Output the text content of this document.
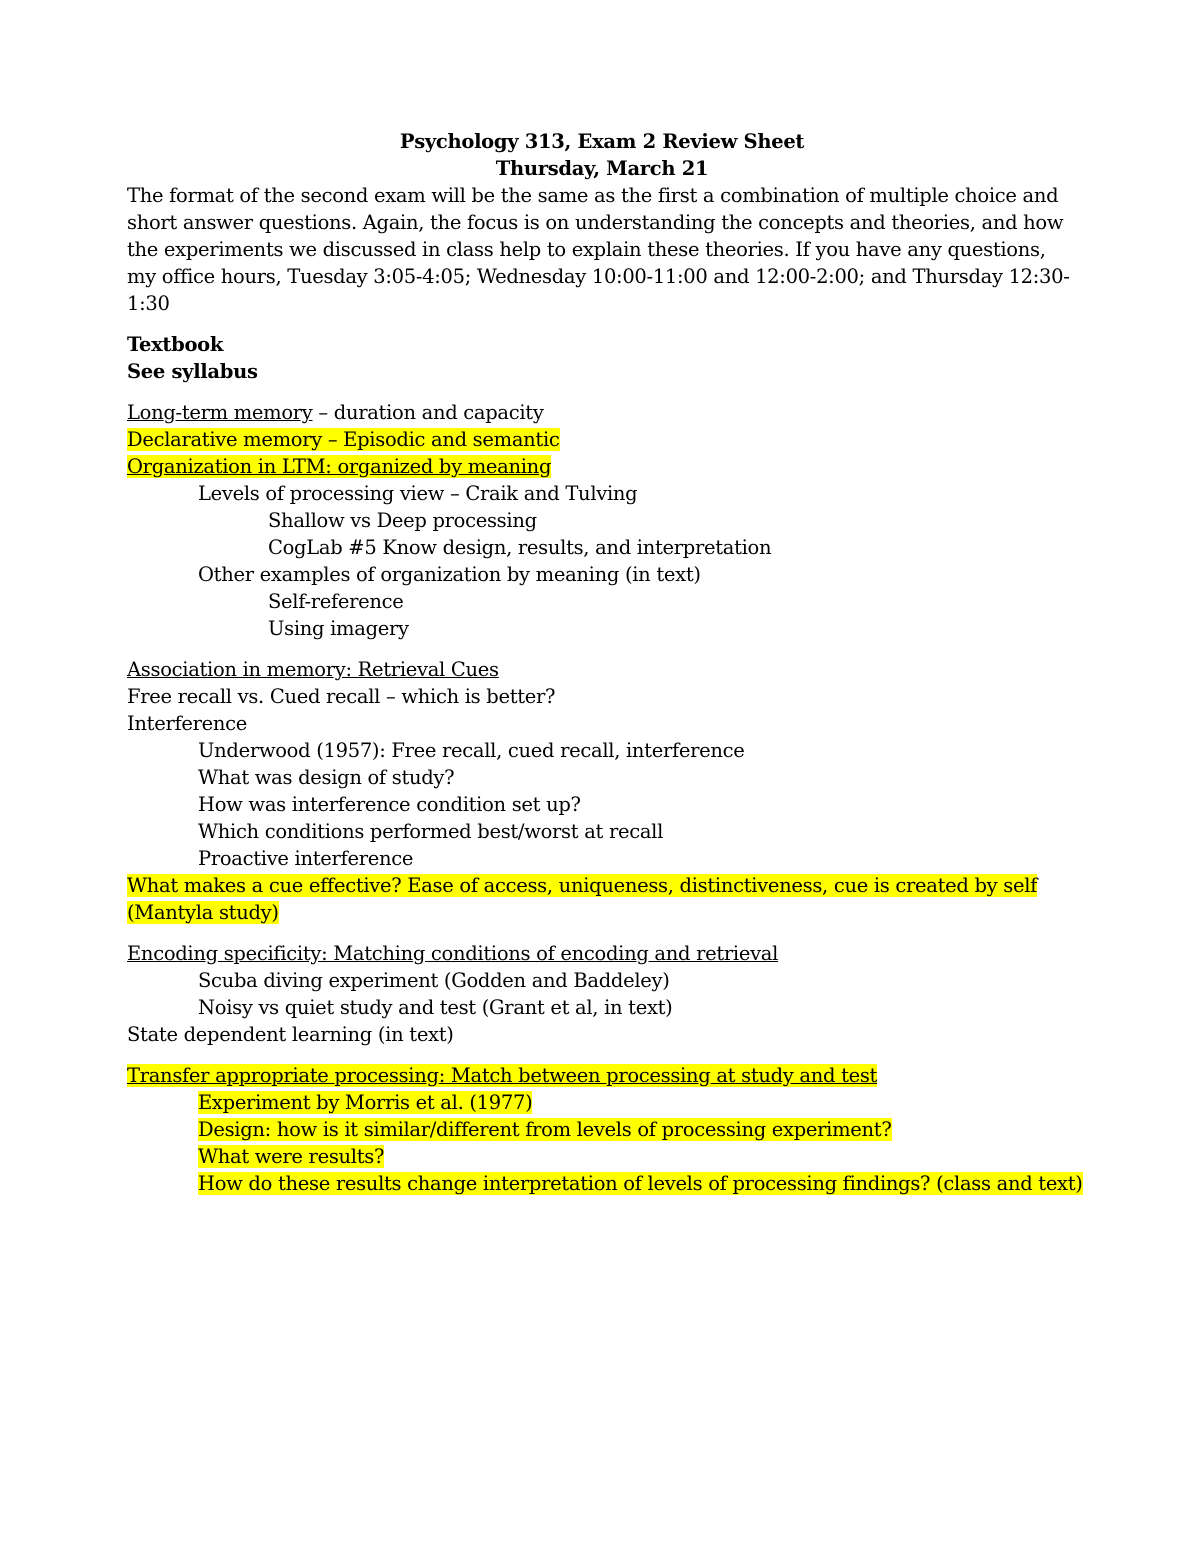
Psychology 313, Exam 2 Review Sheet

Thursday, March 21

The format of the second exam will be the same as the first a combination of multiple choice and short answer questions. Again, the focus is on understanding the concepts and theories, and how the experiments we discussed in class help to explain these theories. If you have any questions, my office hours, Tuesday 3:05-4:05; Wednesday 10:00-11:00 and 12:00-2:00; and Thursday 12:30-1:30

Textbook

See syllabus

Long-term memory – duration and capacity

Declarative memory – Episodic and semantic

Organization in LTM: organized by meaning

Levels of processing view – Craik and Tulving

Shallow vs Deep processing

CogLab #5 Know design, results, and interpretation

Other examples of organization by meaning (in text)

Self-reference

Using imagery

Association in memory: Retrieval Cues

Free recall vs. Cued recall – which is better?

Interference

Underwood (1957): Free recall, cued recall, interference

What was design of study?

How was interference condition set up?

Which conditions performed best/worst at recall

Proactive interference

What makes a cue effective? Ease of access, uniqueness, distinctiveness, cue is created by self

(Mantyla study)

Encoding specificity: Matching conditions of encoding and retrieval

Scuba diving experiment (Godden and Baddeley)

Noisy vs quiet study and test (Grant et al, in text)

State dependent learning (in text)

Transfer appropriate processing: Match between processing at study and test

Experiment by Morris et al. (1977)

Design: how is it similar/different from levels of processing experiment?

What were results?

How do these results change interpretation of levels of processing findings? (class and text)
